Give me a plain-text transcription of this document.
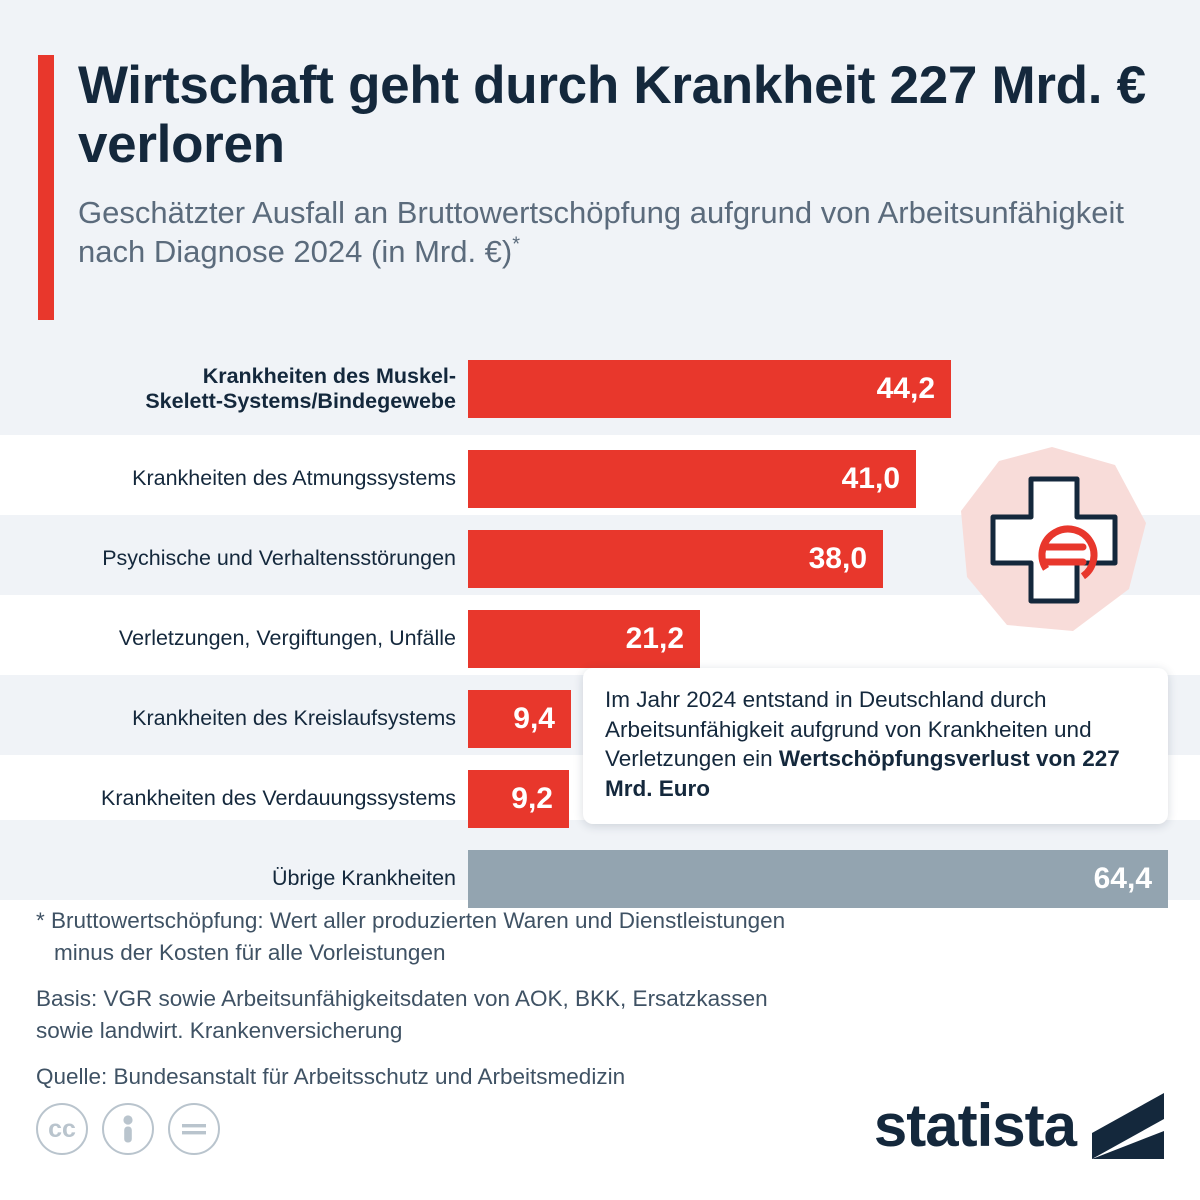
Wirtschaft geht durch Krankheit 227 Mrd. € verloren

Geschätzter Ausfall an Bruttowertschöpfung aufgrund von Arbeitsunfähigkeit nach Diagnose 2024 (in Mrd. €)*

Krankheiten des Muskel-
Skelett-Systems/Bindegewebe	44,2
Krankheiten des Atmungssystems	41,0
Psychische und Verhaltensstörungen	38,0
Verletzungen, Vergiftungen, Unfälle	21,2
Krankheiten des Kreislaufsystems 9,4
Krankheiten des Verdauungssystems 9,2
Übrige Krankheiten	64,4
Im Jahr 2024 entstand in Deutschland durch Arbeitsunfähigkeit aufgrund von Krankheiten und Verletzungen ein Wertschöpfungsverlust von 227 Mrd. Euro
* Bruttowertschöpfung: Wert aller produzierten Waren und Dienstleistungen
minus der Kosten für alle Vorleistungen
Basis: VGR sowie Arbeitsunfähigkeitsdaten von AOK, BKK, Ersatzkassen
sowie landwirt. Krankenversicherung
Quelle: Bundesanstalt für Arbeitsschutz und Arbeitsmedizin
cc	statista
